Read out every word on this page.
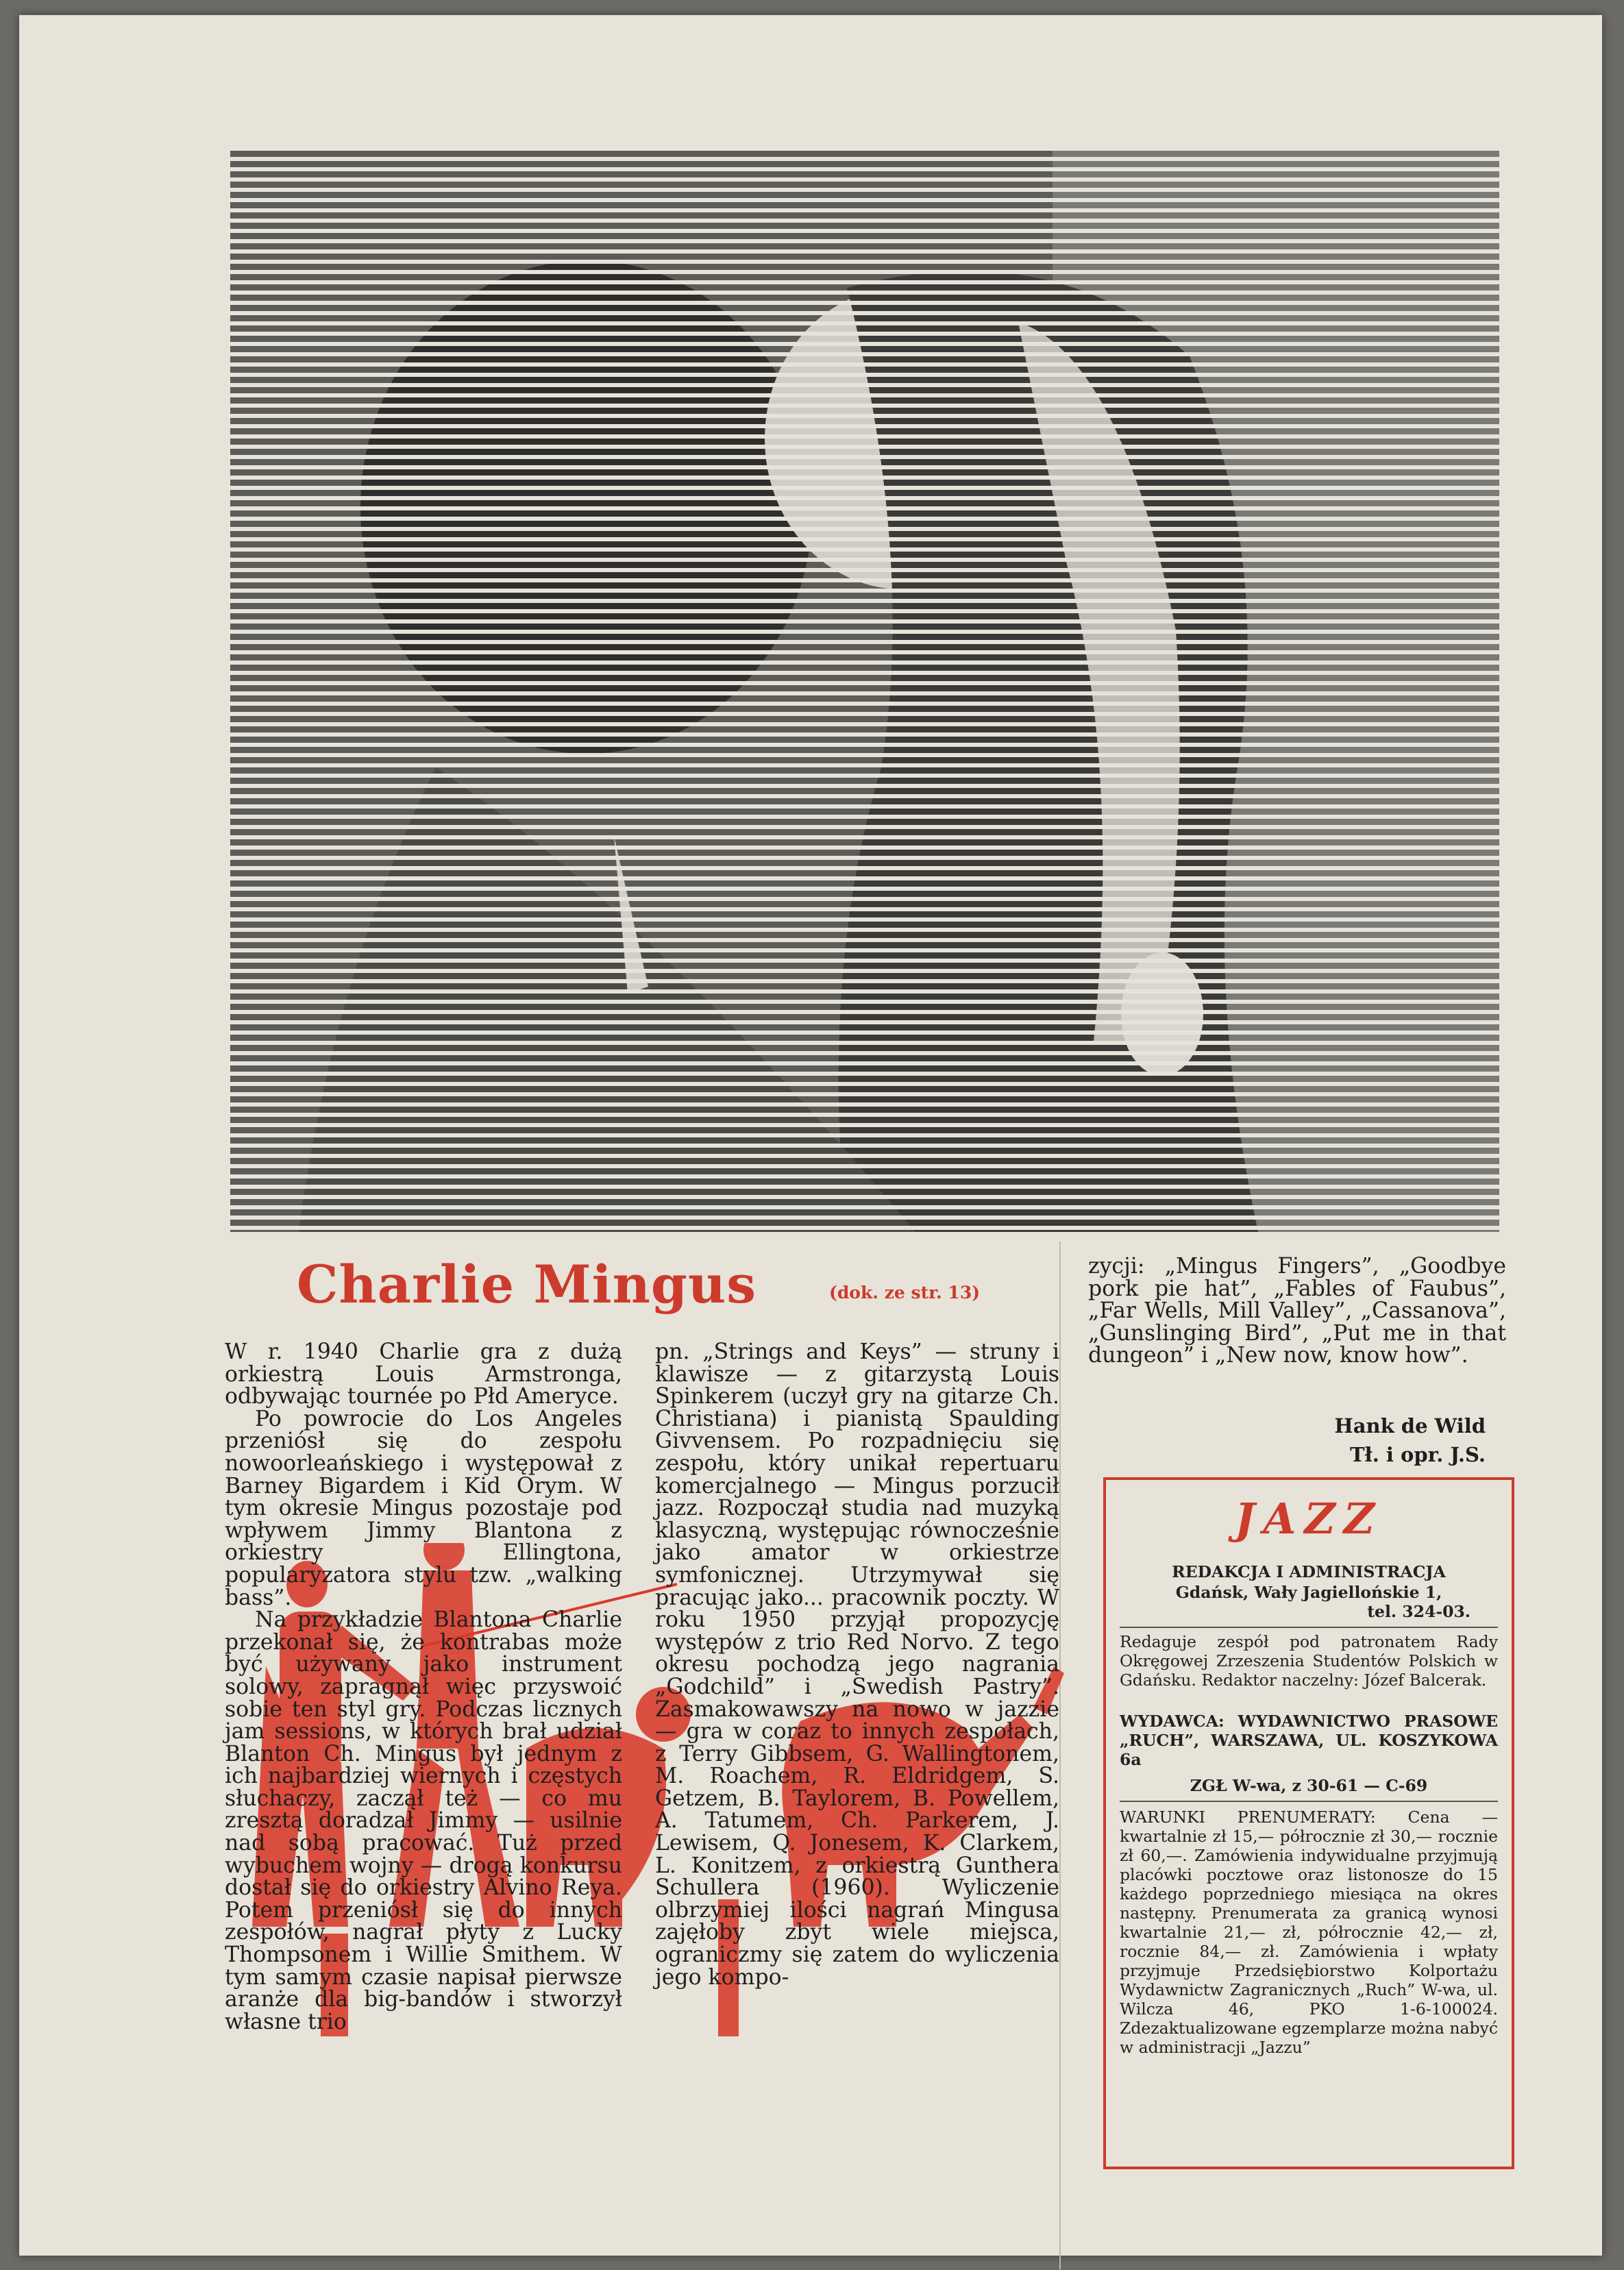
Charlie Mingus	(dok. ze str. 13)

W r. 1940 Charlie gra z dużą orkiestrą Louis Armstronga, odbywając tournée po Płd Ameryce.

Po powrocie do Los Angeles przeniósł się do zespołu nowoorleańskiego i występował z Barney Bigardem i Kid Orym. W tym okresie Mingus pozostaje pod wpływem Jimmy Blantona z orkiestry Ellingtona, popularyzatora stylu tzw. „walking bass”.

Na przykładzie Blantona Charlie przekonał się, że kontrabas może być używany jako instrument solowy, zapragnął więc przyswoić sobie ten styl gry. Podczas licznych jam sessions, w których brał udział Blanton Ch. Mingus był jednym z ich najbardziej wiernych i częstych słuchaczy, zaczął też — co mu zresztą doradzał Jimmy — usilnie nad sobą pracować. Tuż przed wybuchem wojny — drogą konkursu dostał się do orkiestry Alvino Reya. Potem przeniósł się do innych zespołów, nagrał płyty z Lucky Thompsonem i Willie Smithem. W tym samym czasie napisał pierwsze aranże dla big-bandów i stworzył własne trio

pn. „Strings and Keys” — struny i klawisze — z gitarzystą Louis Spinkerem (uczył gry na gitarze Ch. Christiana) i pianistą Spaulding Givvensem. Po rozpadnięciu się zespołu, który unikał repertuaru komercjalnego — Mingus porzucił jazz. Rozpoczął studia nad muzyką klasyczną, występując równocześnie jako amator w orkiestrze symfonicznej. Utrzymywał się pracując jako... pracownik poczty. W roku 1950 przyjął propozycję występów z trio Red Norvo. Z tego okresu pochodzą jego nagrania „Godchild” i „Swedish Pastry”. Zasmakowawszy na nowo w jazzie — gra w coraz to innych zespołach, z Terry Gibbsem, G. Wallingtonem, M. Roachem, R. Eldridgem, S. Getzem, B. Taylorem, B. Powellem, A. Tatumem, Ch. Parkerem, J. Lewisem, Q. Jonesem, K. Clarkem, L. Konitzem, z orkiestrą Gunthera Schullera (1960). Wyliczenie olbrzymiej ilości nagrań Mingusa zajęłoby zbyt wiele miejsca, ograniczmy się zatem do wyliczenia jego kompo-

zycji: „Mingus Fingers”, „Goodbye pork pie hat”, „Fables of Faubus”, „Far Wells, Mill Valley”, „Cassanova”, „Gunslinging Bird”, „Put me in that dungeon” i „New now, know how”.

Hank de Wild
Tł. i opr. J.S.
JAZZ
REDAKCJA I ADMINISTRACJA
Gdańsk, Wały Jagiellońskie 1,
tel. 324-03.
Redaguje zespół pod patronatem Rady Okręgowej Zrzeszenia Studentów Polskich w Gdańsku. Redaktor naczelny: Józef Balcerak.
WYDAWCA: WYDAWNICTWO PRASOWE „RUCH”, WARSZAWA, UL. KOSZYKOWA 6a
ZGŁ W-wa, z 30-61 — C-69
WARUNKI PRENUMERATY: Cena — kwartalnie zł 15,— półrocznie zł 30,— rocznie zł 60,—. Zamówienia indywidualne przyjmują placówki pocztowe oraz listonosze do 15 każdego poprzedniego miesiąca na okres następny. Prenumerata za granicą wynosi kwartalnie 21,— zł, półrocznie 42,— zł, rocznie 84,— zł. Zamówienia i wpłaty przyjmuje Przedsiębiorstwo Kolportażu Wydawnictw Zagranicznych „Ruch” W-wa, ul. Wilcza 46, PKO 1-6-100024. Zdezaktualizowane egzemplarze można nabyć w administracji „Jazzu”
